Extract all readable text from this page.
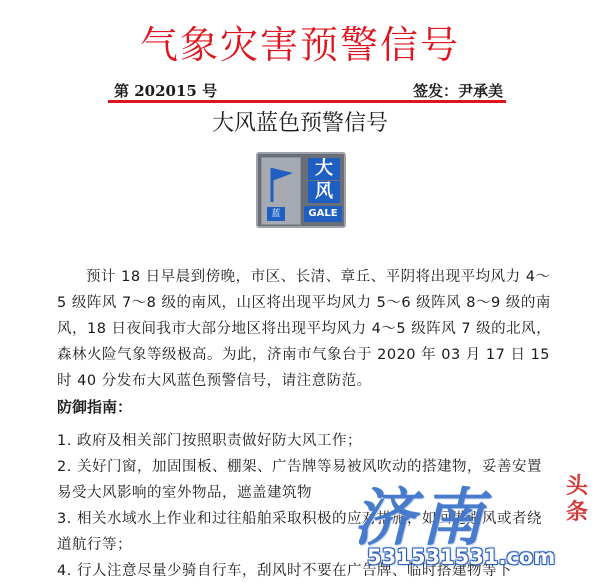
气象灾害预警信号
第 202015 号	签发：尹承美
大风蓝色预警信号
蓝
大
风
GALE

预计 18 日早晨到傍晚，市区、长清、章丘、平阴将出现平均风力 4～5 级阵风 7～8 级的南风，山区将出现平均风力 5～6 级阵风 8～9 级的南风，18 日夜间我市大部分地区将出现平均风力 4～5 级阵风 7 级的北风，森林火险气象等级极高。为此，济南市气象台于 2020 年 03 月 17 日 15 时 40 分发布大风蓝色预警信号，请注意防范。

防御指南：
1. 政府及相关部门按照职责做好防大风工作；
2. 关好门窗，加固围板、棚架、广告牌等易被风吹动的搭建物，妥善安置易受大风影响的室外物品，遮盖建筑物
3. 相关水域水上作业和过往船舶采取积极的应对措施，如回港避风或者绕道航行等；
4. 行人注意尽量少骑自行车，刮风时不要在广告牌、临时搭建物等下
济南	头条
531531531.com
